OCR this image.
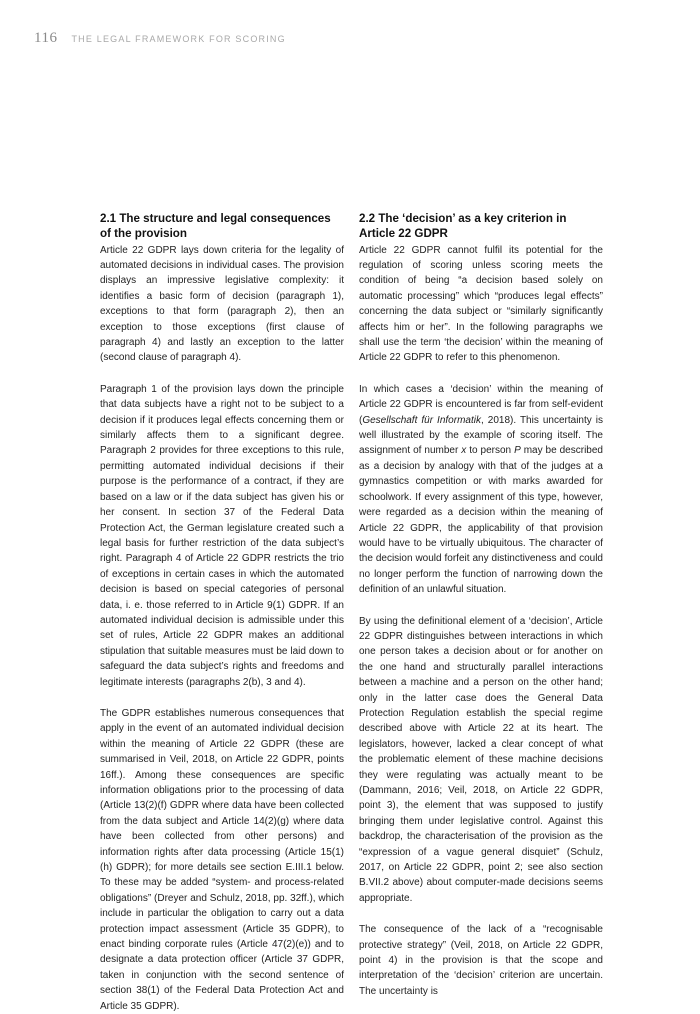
116 THE LEGAL FRAMEWORK FOR SCORING
2.1 The structure and legal consequences of the provision

Article 22 GDPR lays down criteria for the legality of automated decisions in individual cases. The provision displays an impressive legislative complexity: it identifies a basic form of decision (paragraph 1), exceptions to that form (paragraph 2), then an exception to those exceptions (first clause of paragraph 4) and lastly an exception to the latter (second clause of paragraph 4).

Paragraph 1 of the provision lays down the principle that data subjects have a right not to be subject to a decision if it produces legal effects concerning them or similarly affects them to a significant degree. Paragraph 2 provides for three exceptions to this rule, permitting automated individual decisions if their purpose is the performance of a contract, if they are based on a law or if the data subject has given his or her consent. In section 37 of the Federal Data Protection Act, the German legislature created such a legal basis for further restriction of the data subject’s right. Paragraph 4 of Article 22 GDPR restricts the trio of exceptions in certain cases in which the automated decision is based on special categories of personal data, i. e. those referred to in Article 9(1) GDPR. If an automated individual decision is admissible under this set of rules, Article 22 GDPR makes an additional stipulation that suitable measures must be laid down to safeguard the data subject’s rights and freedoms and legitimate interests (paragraphs 2(b), 3 and 4).

The GDPR establishes numerous consequences that apply in the event of an automated individual decision within the meaning of Article 22 GDPR (these are summarised in Veil, 2018, on Article 22 GDPR, points 16ff.). Among these consequences are specific information obligations prior to the processing of data (Article 13(2)(f) GDPR where data have been collected from the data subject and Article 14(2)(g) where data have been collected from other persons) and information rights after data processing (Article 15(1)(h) GDPR); for more details see section E.III.1 below. To these may be added “system- and process-related obligations” (Dreyer and Schulz, 2018, pp. 32ff.), which include in particular the obligation to carry out a data protection impact assessment (Article 35 GDPR), to enact binding corporate rules (Article 47(2)(e)) and to designate a data protection officer (Article 37 GDPR, taken in conjunction with the second sentence of section 38(1) of the Federal Data Protection Act and Article 35 GDPR).

2.2 The ‘decision’ as a key criterion in Article 22 GDPR

Article 22 GDPR cannot fulfil its potential for the regulation of scoring unless scoring meets the condition of being “a decision based solely on automatic processing” which “produces legal effects” concerning the data subject or “similarly significantly affects him or her”. In the following paragraphs we shall use the term ‘the decision’ within the meaning of Article 22 GDPR to refer to this phenomenon.

In which cases a ‘decision’ within the meaning of Article 22 GDPR is encountered is far from self-evident (Gesellschaft für Informatik, 2018). This uncertainty is well illustrated by the example of scoring itself. The assignment of number x to person P may be described as a decision by analogy with that of the judges at a gymnastics competition or with marks awarded for schoolwork. If every assignment of this type, however, were regarded as a decision within the meaning of Article 22 GDPR, the applicability of that provision would have to be virtually ubiquitous. The character of the decision would forfeit any distinctiveness and could no longer perform the function of narrowing down the definition of an unlawful situation.

By using the definitional element of a ‘decision’, Article 22 GDPR distinguishes between interactions in which one person takes a decision about or for another on the one hand and structurally parallel interactions between a machine and a person on the other hand; only in the latter case does the General Data Protection Regulation establish the special regime described above with Article 22 at its heart. The legislators, however, lacked a clear concept of what the problematic element of these machine decisions they were regulating was actually meant to be (Dammann, 2016; Veil, 2018, on Article 22 GDPR, point 3), the element that was supposed to justify bringing them under legislative control. Against this backdrop, the characterisation of the provision as the “expression of a vague general disquiet” (Schulz, 2017, on Article 22 GDPR, point 2; see also section B.VII.2 above) about computer-made decisions seems appropriate.

The consequence of the lack of a “recognisable protective strategy” (Veil, 2018, on Article 22 GDPR, point 4) in the provision is that the scope and interpretation of the ‘decision’ criterion are uncertain. The uncertainty is
